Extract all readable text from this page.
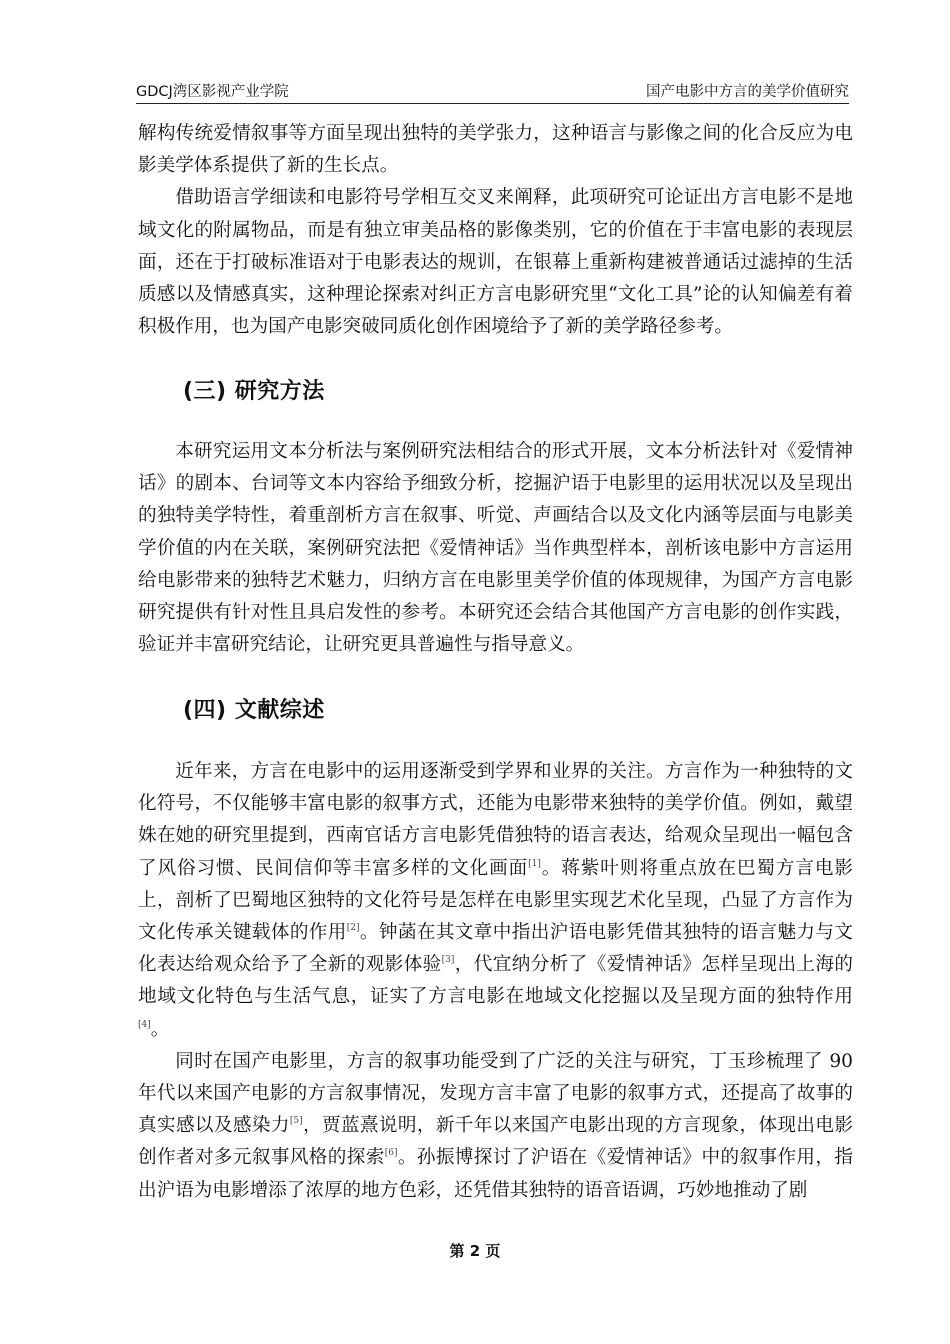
GDCJ湾区影视产业学院	国产电影中方言的美学价值研究

解构传统爱情叙事等方面呈现出独特的美学张力，这种语言与影像之间的化合反应为电影美学体系提供了新的生长点。

借助语言学细读和电影符号学相互交叉来阐释，此项研究可论证出方言电影不是地域文化的附属物品，而是有独立审美品格的影像类别，它的价值在于丰富电影的表现层面，还在于打破标准语对于电影表达的规训，在银幕上重新构建被普通话过滤掉的生活质感以及情感真实，这种理论探索对纠正方言电影研究里“文化工具”论的认知偏差有着积极作用，也为国产电影突破同质化创作困境给予了新的美学路径参考。

(三) 研究方法

本研究运用文本分析法与案例研究法相结合的形式开展，文本分析法针对《爱情神话》的剧本、台词等文本内容给予细致分析，挖掘沪语于电影里的运用状况以及呈现出的独特美学特性，着重剖析方言在叙事、听觉、声画结合以及文化内涵等层面与电影美学价值的内在关联，案例研究法把《爱情神话》当作典型样本，剖析该电影中方言运用给电影带来的独特艺术魅力，归纳方言在电影里美学价值的体现规律，为国产方言电影研究提供有针对性且具启发性的参考。本研究还会结合其他国产方言电影的创作实践，验证并丰富研究结论，让研究更具普遍性与指导意义。

(四) 文献综述

近年来，方言在电影中的运用逐渐受到学界和业界的关注。方言作为一种独特的文化符号，不仅能够丰富电影的叙事方式，还能为电影带来独特的美学价值。例如，戴望姝在她的研究里提到，西南官话方言电影凭借独特的语言表达，给观众呈现出一幅包含了风俗习惯、民间信仰等丰富多样的文化画面[1]。蒋紫叶则将重点放在巴蜀方言电影上，剖析了巴蜀地区独特的文化符号是怎样在电影里实现艺术化呈现，凸显了方言作为文化传承关键载体的作用[2]。钟菡在其文章中指出沪语电影凭借其独特的语言魅力与文化表达给观众给予了全新的观影体验[3]，代宜纳分析了《爱情神话》怎样呈现出上海的地域文化特色与生活气息，证实了方言电影在地域文化挖掘以及呈现方面的独特作用[4]。

同时在国产电影里，方言的叙事功能受到了广泛的关注与研究，丁玉珍梳理了 90年代以来国产电影的方言叙事情况，发现方言丰富了电影的叙事方式，还提高了故事的真实感以及感染力[5]，贾蓝熹说明，新千年以来国产电影出现的方言现象，体现出电影创作者对多元叙事风格的探索[6]。孙振博探讨了沪语在《爱情神话》中的叙事作用，指出沪语为电影增添了浓厚的地方色彩，还凭借其独特的语音语调，巧妙地推动了剧

第 2 页
